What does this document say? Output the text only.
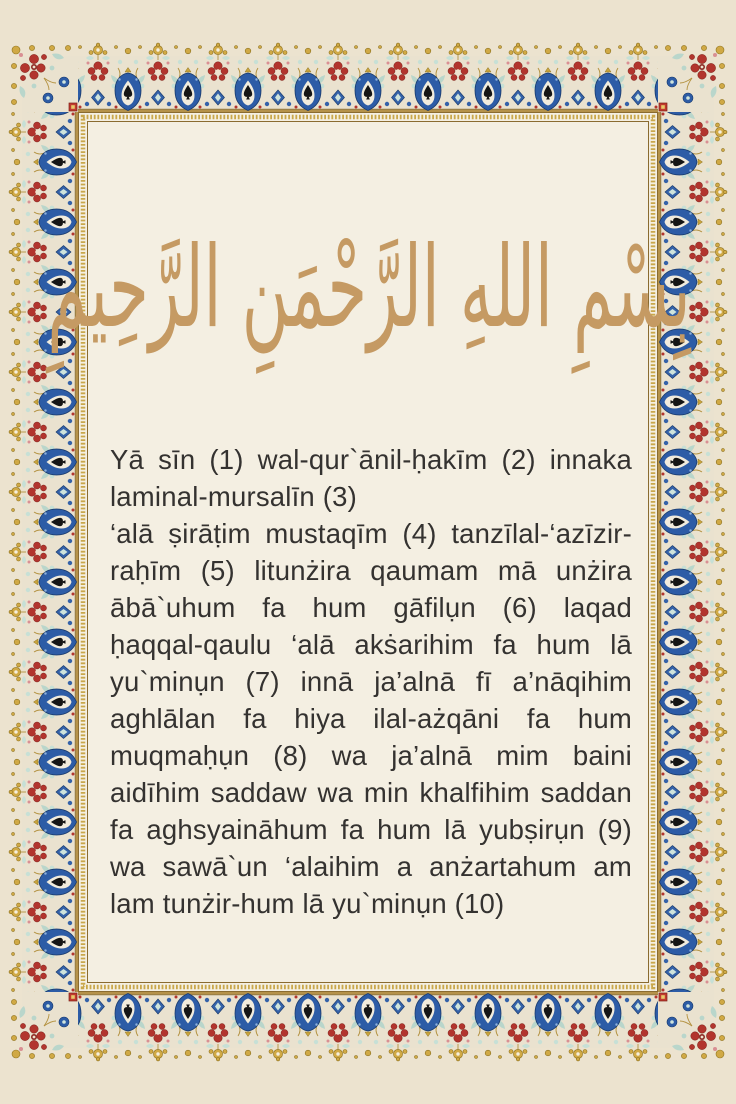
بِسْمِ اللهِ الرَّحْمَنِ الرَّحِيمِ

Yā sīn (1) wal-qur`ānil-ḥakīm (2) innaka laminal-mursalīn (3)

‘alā ṣirāṭim mustaqīm (4) tanzīlal-‘azīzir-raḥīm (5) litunżira qaumam mā unżira ābā`uhum fa hum gāfilụn (6) laqad ḥaqqal-qaulu ‘alā akṡarihim fa hum lā yu`minụn (7) innā ja’alnā fī a’nāqihim aghlālan fa hiya ilal-ażqāni fa hum muqmaḥụn (8) wa ja’alnā mim baini aidīhim saddaw wa min khalfihim saddan fa aghsyaināhum fa hum lā yubṣirụn (9) wa sawā`un ‘alaihim a anżartahum am lam tunżir-hum lā yu`minụn (10)
